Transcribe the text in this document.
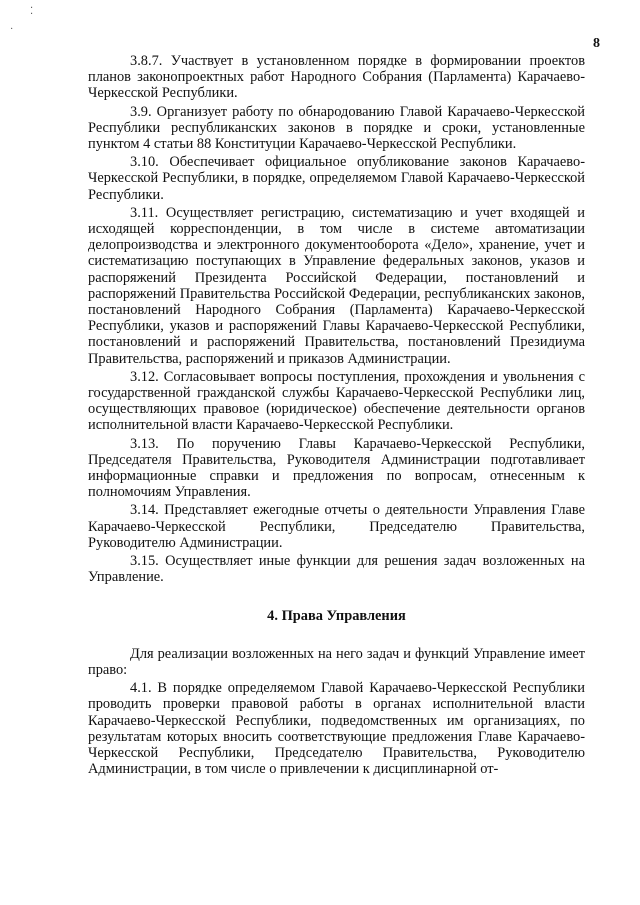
⁚
·
8

3.8.7. Участвует в установленном порядке в формировании проектов планов законопроектных работ Народного Собрания (Парламента) Карачаево-Черкесской Республики.

3.9. Организует работу по обнародованию Главой Карачаево-Черкесской Республики республиканских законов в порядке и сроки, установленные пунктом 4 статьи 88 Конституции Карачаево-Черкесской Республики.

3.10. Обеспечивает официальное опубликование законов Карачаево-Черкесской Республики, в порядке, определяемом Главой Карачаево-Черкесской Республики.

3.11. Осуществляет регистрацию, систематизацию и учет входящей и исходящей корреспонденции, в том числе в системе автоматизации делопроизводства и электронного документооборота «Дело», хранение, учет и систематизацию поступающих в Управление федеральных законов, указов и распоряжений Президента Российской Федерации, постановлений и распоряжений Правительства Российской Федерации, республиканских законов, постановлений Народного Собрания (Парламента) Карачаево-Черкесской Республики, указов и распоряжений Главы Карачаево-Черкесской Республики, постановлений и распоряжений Правительства, постановлений Президиума Правительства, распоряжений и приказов Администрации.

3.12. Согласовывает вопросы поступления, прохождения и увольнения с государственной гражданской службы Карачаево-Черкесской Республики лиц, осуществляющих правовое (юридическое) обеспечение деятельности органов исполнительной власти Карачаево-Черкесской Республики.

3.13. По поручению Главы Карачаево-Черкесской Республики, Председателя Правительства, Руководителя Администрации подготавливает информационные справки и предложения по вопросам, отнесенным к полномочиям Управления.

3.14. Представляет ежегодные отчеты о деятельности Управления Главе Карачаево-Черкесской Республики, Председателю Правительства, Руководителю Администрации.

3.15. Осуществляет иные функции для решения задач возложенных на Управление.

4. Права Управления

Для реализации возложенных на него задач и функций Управление имеет право:

4.1. В порядке определяемом Главой Карачаево-Черкесской Республики проводить проверки правовой работы в органах исполнительной власти Карачаево-Черкесской Республики, подведомственных им организациях, по результатам которых вносить соответствующие предложения Главе Карачаево-Черкесской Республики, Председателю Правительства, Руководителю Администрации, в том числе о привлечении к дисциплинарной от-
